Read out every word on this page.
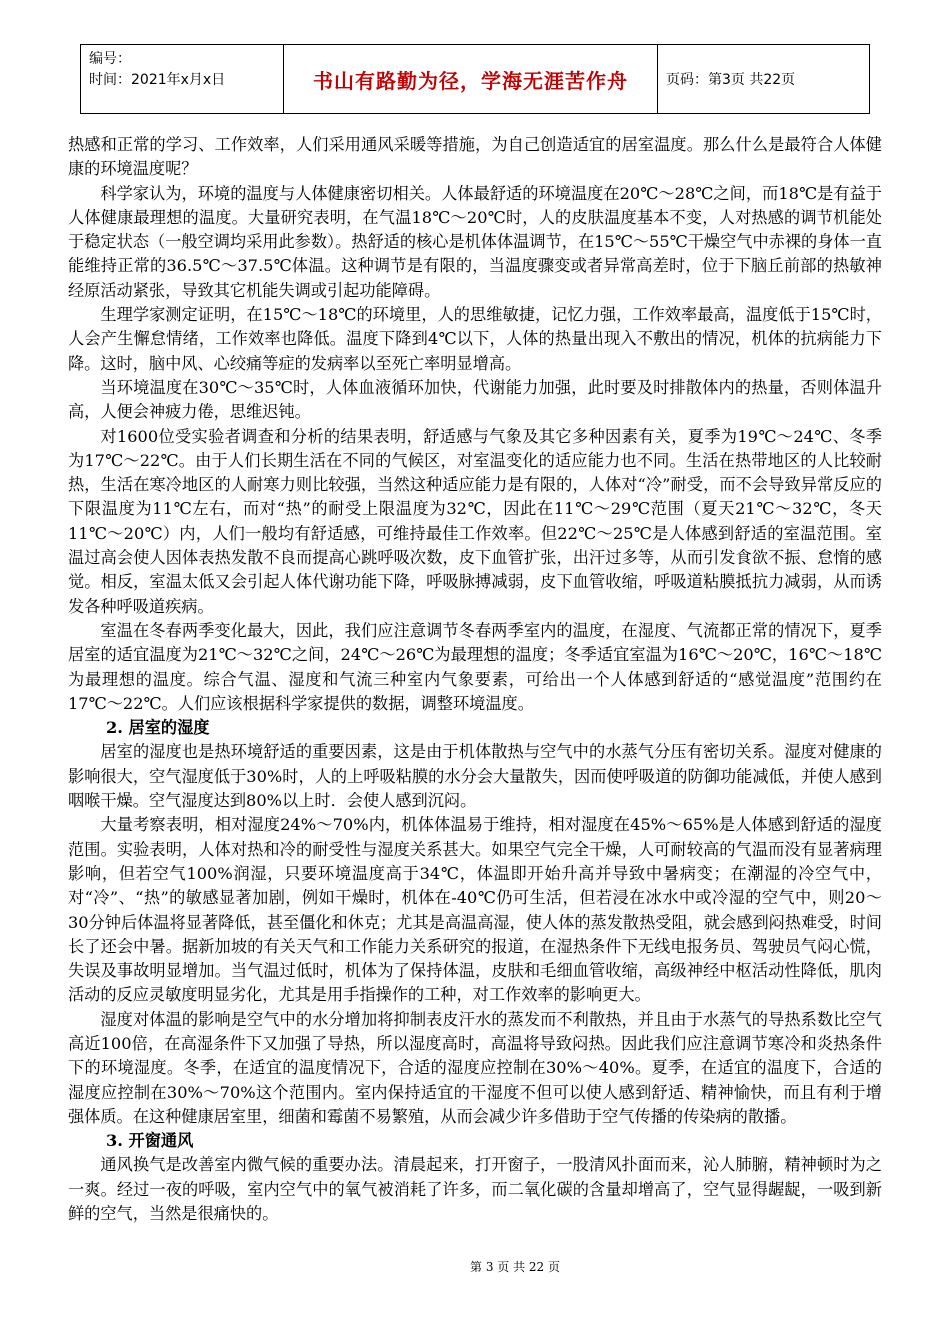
编号：
时间：2021年x月x日	书山有路勤为径，学海无涯苦作舟	页码：第3页 共22页

热感和正常的学习、工作效率，人们采用通风采暖等措施，为自己创造适宜的居室温度。那么什么是最符合人体健康的环境温度呢？

科学家认为，环境的温度与人体健康密切相关。人体最舒适的环境温度在20℃～28℃之间，而18℃是有益于人体健康最理想的温度。大量研究表明，在气温18℃～20℃时，人的皮肤温度基本不变，人对热感的调节机能处于稳定状态（一般空调均采用此参数）。热舒适的核心是机体体温调节，在15℃～55℃干燥空气中赤裸的身体一直能维持正常的36.5℃～37.5℃体温。这种调节是有限的，当温度骤变或者异常高差时，位于下脑丘前部的热敏神经原活动紧张，导致其它机能失调或引起功能障碍。

生理学家测定证明，在15℃～18℃的环境里，人的思维敏捷，记忆力强，工作效率最高，温度低于15℃时，人会产生懈怠情绪，工作效率也降低。温度下降到4℃以下，人体的热量出现入不敷出的情况，机体的抗病能力下降。这时，脑中风、心绞痛等症的发病率以至死亡率明显增高。

当环境温度在30℃～35℃时，人体血液循环加快，代谢能力加强，此时要及时排散体内的热量，否则体温升高，人便会神疲力倦，思维迟钝。

对1600位受实验者调查和分析的结果表明，舒适感与气象及其它多种因素有关，夏季为19℃～24℃、冬季为17℃～22℃。由于人们长期生活在不同的气候区，对室温变化的适应能力也不同。生活在热带地区的人比较耐热，生活在寒冷地区的人耐寒力则比较强，当然这种适应能力是有限的，人体对“冷”耐受，而不会导致异常反应的下限温度为11℃左右，而对“热”的耐受上限温度为32℃，因此在11℃～29℃范围（夏天21℃～32℃，冬天11℃～20℃）内，人们一般均有舒适感，可维持最佳工作效率。但22℃～25℃是人体感到舒适的室温范围。室温过高会使人因体表热发散不良而提高心跳呼吸次数，皮下血管扩张，出汗过多等，从而引发食欲不振、怠惰的感觉。相反，室温太低又会引起人体代谢功能下降，呼吸脉搏减弱，皮下血管收缩，呼吸道粘膜抵抗力减弱，从而诱发各种呼吸道疾病。

室温在冬春两季变化最大，因此，我们应注意调节冬春两季室内的温度，在湿度、气流都正常的情况下，夏季居室的适宜温度为21℃～32℃之间，24℃～26℃为最理想的温度；冬季适宜室温为16℃～20℃，16℃～18℃为最理想的温度。综合气温、湿度和气流三种室内气象要素，可给出一个人体感到舒适的“感觉温度”范围约在17℃～22℃。人们应该根据科学家提供的数据，调整环境温度。

2. 居室的湿度

居室的湿度也是热环境舒适的重要因素，这是由于机体散热与空气中的水蒸气分压有密切关系。湿度对健康的影响很大，空气湿度低于30%时，人的上呼吸粘膜的水分会大量散失，因而使呼吸道的防御功能减低，并使人感到咽喉干燥。空气湿度达到80%以上时．会使人感到沉闷。

大量考察表明，相对湿度24%～70%内，机体体温易于维持，相对湿度在45%～65%是人体感到舒适的湿度范围。实验表明，人体对热和冷的耐受性与湿度关系甚大。如果空气完全干燥，人可耐较高的气温而没有显著病理影响，但若空气100%润湿，只要环境温度高于34℃，体温即开始升高并导致中暑病变；在潮湿的冷空气中，对“冷”、“热”的敏感显著加剧，例如干燥时，机体在-40℃仍可生活，但若浸在冰水中或冷湿的空气中，则20～30分钟后体温将显著降低，甚至僵化和休克；尤其是高温高湿，使人体的蒸发散热受阻，就会感到闷热难受，时间长了还会中暑。据新加坡的有关天气和工作能力关系研究的报道，在湿热条件下无线电报务员、驾驶员气闷心慌，失误及事故明显增加。当气温过低时，机体为了保持体温，皮肤和毛细血管收缩，高级神经中枢活动性降低，肌肉活动的反应灵敏度明显劣化，尤其是用手指操作的工种，对工作效率的影响更大。

湿度对体温的影响是空气中的水分增加将抑制表皮汗水的蒸发而不利散热，并且由于水蒸气的导热系数比空气高近100倍，在高湿条件下又加强了导热，所以湿度高时，高温将导致闷热。因此我们应注意调节寒冷和炎热条件下的环境湿度。冬季，在适宜的温度情况下，合适的湿度应控制在30%～40%。夏季，在适宜的温度下，合适的湿度应控制在30%～70%这个范围内。室内保持适宜的干湿度不但可以使人感到舒适、精神愉快，而且有利于增强体质。在这种健康居室里，细菌和霉菌不易繁殖，从而会减少许多借助于空气传播的传染病的散播。

3. 开窗通风

通风换气是改善室内微气候的重要办法。清晨起来，打开窗子，一股清风扑面而来，沁人肺腑，精神顿时为之一爽。经过一夜的呼吸，室内空气中的氧气被消耗了许多，而二氧化碳的含量却增高了，空气显得龌龊，一吸到新鲜的空气，当然是很痛快的。

第 3 页 共 22 页
